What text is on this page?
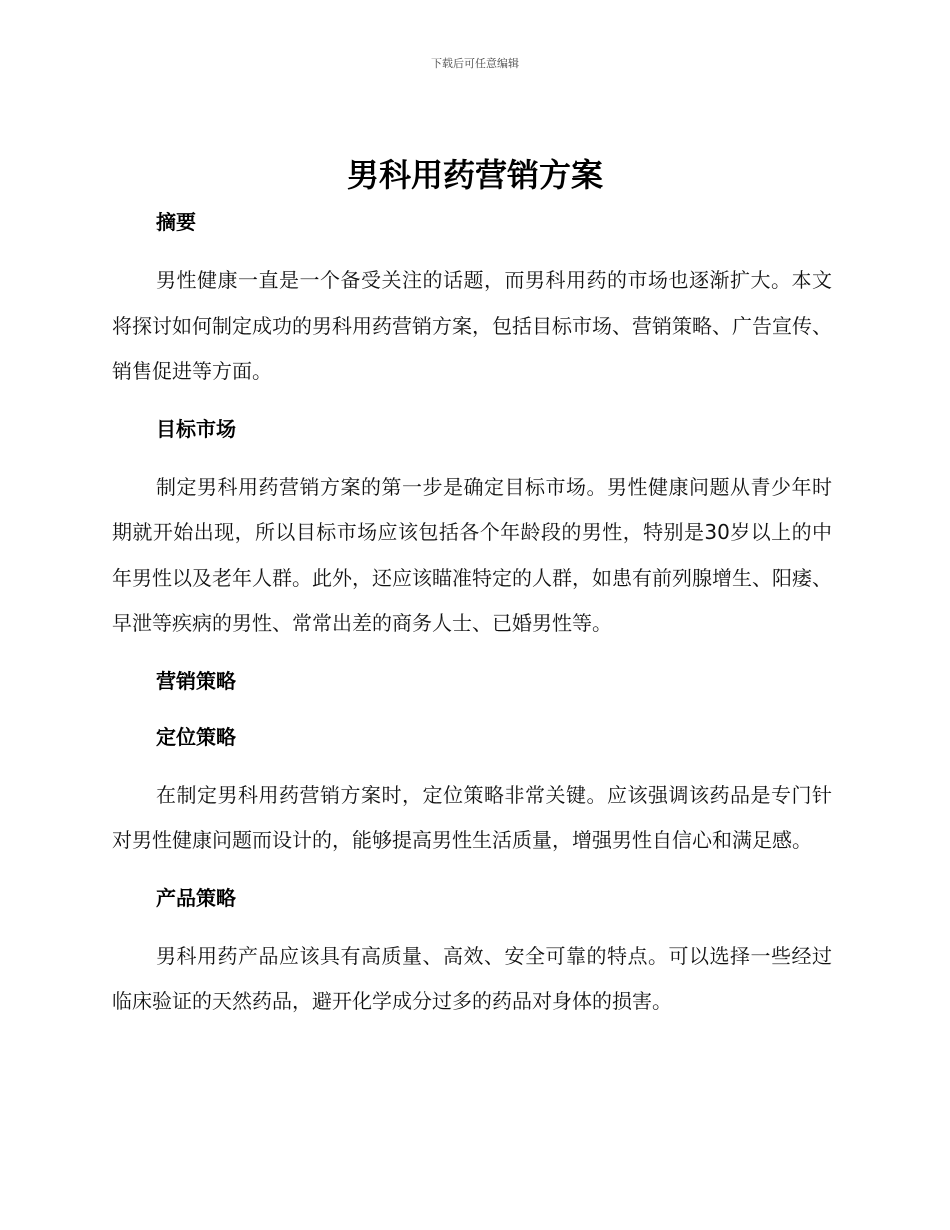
下载后可任意编辑
男科用药营销方案
摘要

男性健康一直是一个备受关注的话题，而男科用药的市场也逐渐扩大。本文将探讨如何制定成功的男科用药营销方案，包括目标市场、营销策略、广告宣传、销售促进等方面。

目标市场

制定男科用药营销方案的第一步是确定目标市场。男性健康问题从青少年时期就开始出现，所以目标市场应该包括各个年龄段的男性，特别是30岁以上的中年男性以及老年人群。此外，还应该瞄准特定的人群，如患有前列腺增生、阳痿、早泄等疾病的男性、常常出差的商务人士、已婚男性等。

营销策略
定位策略

在制定男科用药营销方案时，定位策略非常关键。应该强调该药品是专门针对男性健康问题而设计的，能够提高男性生活质量，增强男性自信心和满足感。

产品策略

男科用药产品应该具有高质量、高效、安全可靠的特点。可以选择一些经过临床验证的天然药品，避开化学成分过多的药品对身体的损害。
